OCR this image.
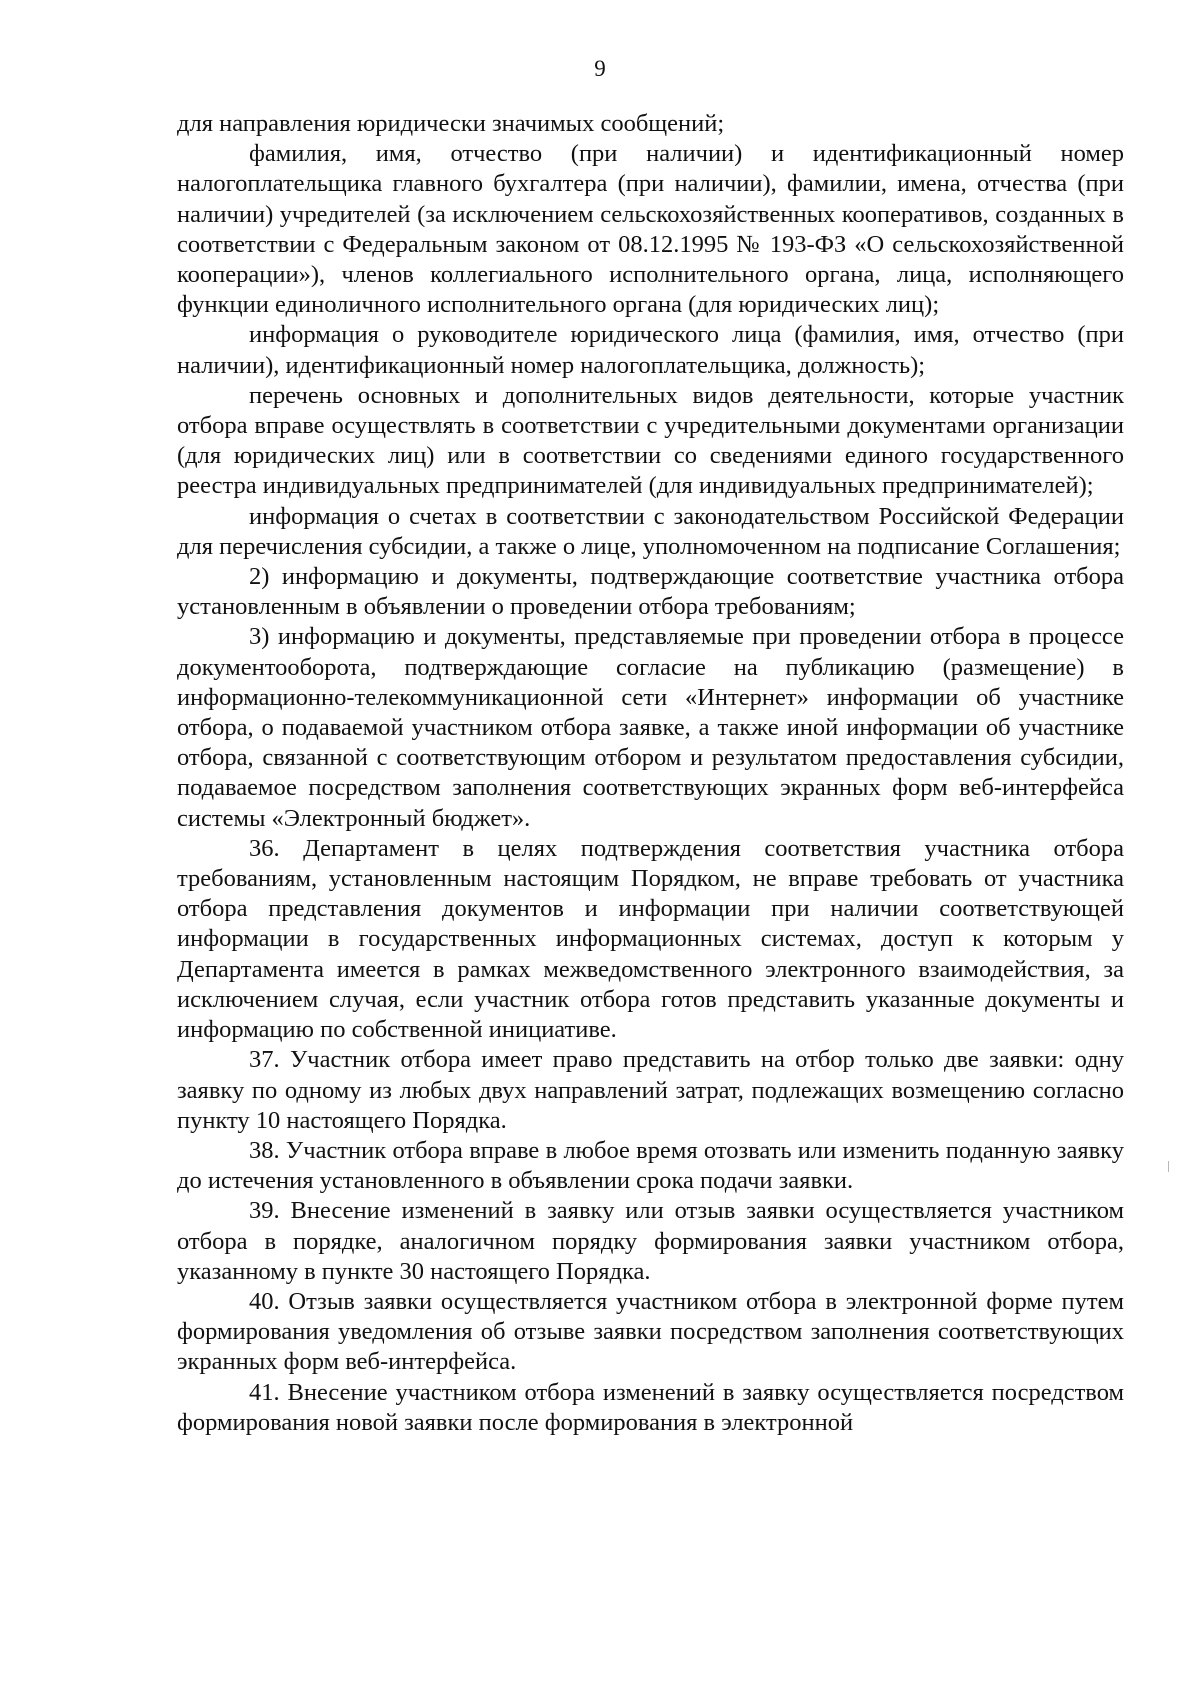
9

для направления юридически значимых сообщений;

фамилия, имя, отчество (при наличии) и идентификационный номер налогоплательщика главного бухгалтера (при наличии), фамилии, имена, отчества (при наличии) учредителей (за исключением сельскохозяйственных кооперативов, созданных в соответствии с Федеральным законом от 08.12.1995 № 193-ФЗ «О сельскохозяйственной кооперации»), членов коллегиального исполнительного органа, лица, исполняющего функции единоличного исполнительного органа (для юридических лиц);

информация о руководителе юридического лица (фамилия, имя, отчество (при наличии), идентификационный номер налогоплательщика, должность);

перечень основных и дополнительных видов деятельности, которые участник отбора вправе осуществлять в соответствии с учредительными документами организации (для юридических лиц) или в соответствии со сведениями единого государственного реестра индивидуальных предпринимателей (для индивидуальных предпринимателей);

информация о счетах в соответствии с законодательством Российской Федерации для перечисления субсидии, а также о лице, уполномоченном на подписание Соглашения;

2) информацию и документы, подтверждающие соответствие участника отбора установленным в объявлении о проведении отбора требованиям;

3) информацию и документы, представляемые при проведении отбора в процессе документооборота, подтверждающие согласие на публикацию (размещение) в информационно-телекоммуникационной сети «Интернет» информации об участнике отбора, о подаваемой участником отбора заявке, а также иной информации об участнике отбора, связанной с соответствующим отбором и результатом предоставления субсидии, подаваемое посредством заполнения соответствующих экранных форм веб-интерфейса системы «Электронный бюджет».

36. Департамент в целях подтверждения соответствия участника отбора требованиям, установленным настоящим Порядком, не вправе требовать от участника отбора представления документов и информации при наличии соответствующей информации в государственных информационных системах, доступ к которым у Департамента имеется в рамках межведомственного электронного взаимодействия, за исключением случая, если участник отбора готов представить указанные документы и информацию по собственной инициативе.

37. Участник отбора имеет право представить на отбор только две заявки: одну заявку по одному из любых двух направлений затрат, подлежащих возмещению согласно пункту 10 настоящего Порядка.

38. Участник отбора вправе в любое время отозвать или изменить поданную заявку до истечения установленного в объявлении срока подачи заявки.

39. Внесение изменений в заявку или отзыв заявки осуществляется участником отбора в порядке, аналогичном порядку формирования заявки участником отбора, указанному в пункте 30 настоящего Порядка.

40. Отзыв заявки осуществляется участником отбора в электронной форме путем формирования уведомления об отзыве заявки посредством заполнения соответствующих экранных форм веб-интерфейса.

41. Внесение участником отбора изменений в заявку осуществляется посредством формирования новой заявки после формирования в электронной
